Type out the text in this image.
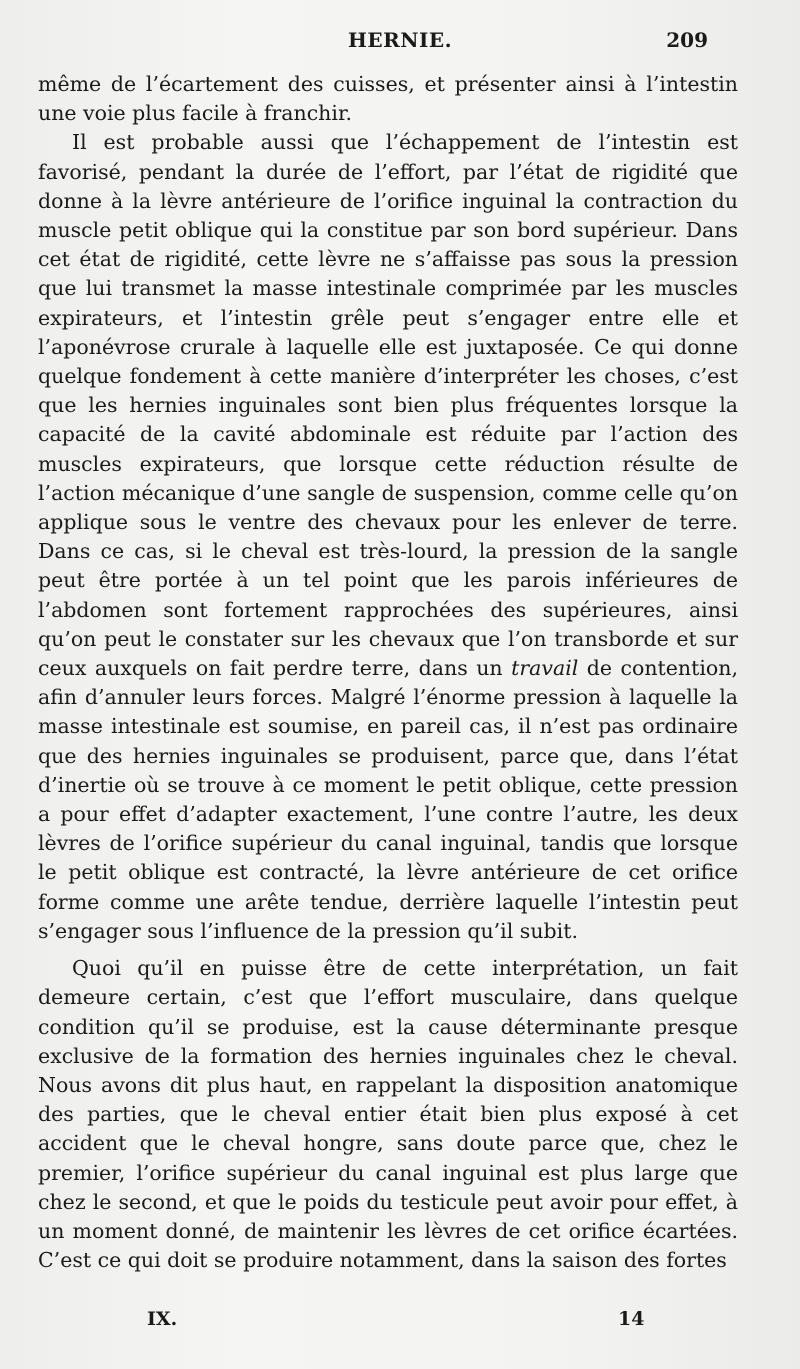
HERNIE.	209

même de l’écartement des cuisses, et présenter ainsi à l’intestin une voie plus facile à franchir.

Il est probable aussi que l’échappement de l’intestin est favorisé, pendant la durée de l’effort, par l’état de rigidité que donne à la lèvre antérieure de l’orifice inguinal la contraction du muscle petit oblique qui la constitue par son bord supérieur. Dans cet état de rigidité, cette lèvre ne s’affaisse pas sous la pression que lui transmet la masse intestinale comprimée par les muscles expirateurs, et l’intestin grêle peut s’engager entre elle et l’aponévrose crurale à laquelle elle est juxtaposée. Ce qui donne quelque fondement à cette manière d’interpréter les choses, c’est que les hernies inguinales sont bien plus fréquentes lorsque la capacité de la cavité abdominale est réduite par l’action des muscles expirateurs, que lorsque cette réduction résulte de l’action mécanique d’une sangle de suspension, comme celle qu’on applique sous le ventre des chevaux pour les enlever de terre. Dans ce cas, si le cheval est très-lourd, la pression de la sangle peut être portée à un tel point que les parois inférieures de l’abdomen sont fortement rapprochées des supérieures, ainsi qu’on peut le constater sur les chevaux que l’on transborde et sur ceux auxquels on fait perdre terre, dans un travail de contention, afin d’annuler leurs forces. Malgré l’énorme pression à laquelle la masse intestinale est soumise, en pareil cas, il n’est pas ordinaire que des hernies inguinales se produisent, parce que, dans l’état d’inertie où se trouve à ce moment le petit oblique, cette pression a pour effet d’adapter exactement, l’une contre l’autre, les deux lèvres de l’orifice supérieur du canal inguinal, tandis que lorsque le petit oblique est contracté, la lèvre antérieure de cet orifice forme comme une arête tendue, derrière laquelle l’intestin peut s’engager sous l’influence de la pression qu’il subit.

Quoi qu’il en puisse être de cette interprétation, un fait demeure certain, c’est que l’effort musculaire, dans quelque condition qu’il se produise, est la cause déterminante presque exclusive de la formation des hernies inguinales chez le cheval. Nous avons dit plus haut, en rappelant la disposition anatomique des parties, que le cheval entier était bien plus exposé à cet accident que le cheval hongre, sans doute parce que, chez le premier, l’orifice supérieur du canal inguinal est plus large que chez le second, et que le poids du testicule peut avoir pour effet, à un moment donné, de maintenir les lèvres de cet orifice écartées. C’est ce qui doit se produire notamment, dans la saison des fortes

IX.	14
